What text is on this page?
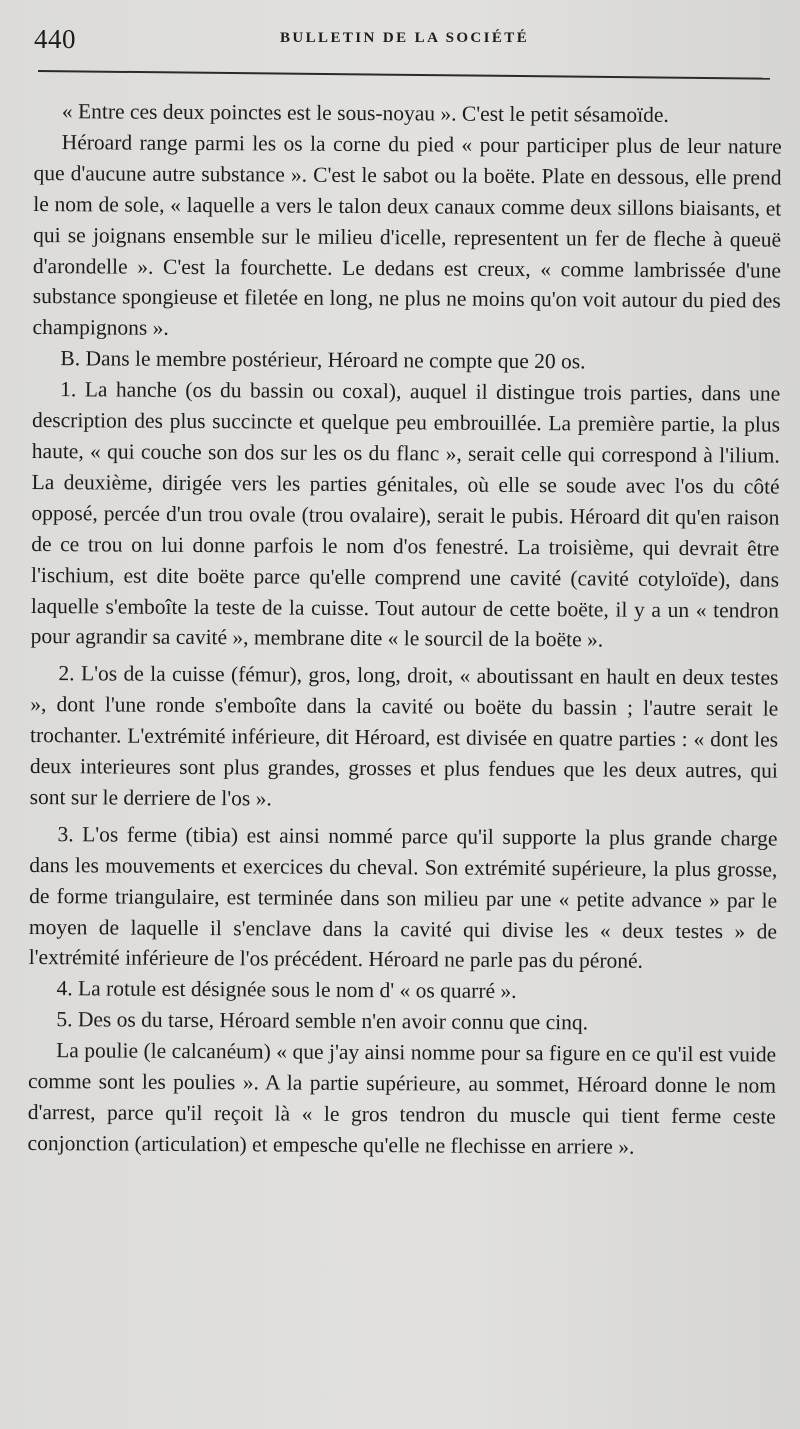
440	BULLETIN DE LA SOCIÉTÉ

« Entre ces deux poinctes est le sous-noyau ». C'est le petit sésamoïde.

Héroard range parmi les os la corne du pied « pour participer plus de leur nature que d'aucune autre substance ». C'est le sabot ou la boëte. Plate en dessous, elle prend le nom de sole, « laquelle a vers le talon deux canaux comme deux sillons biaisants, et qui se joignans ensemble sur le milieu d'icelle, representent un fer de fleche à queuë d'arondelle ». C'est la fourchette. Le dedans est creux, « comme lambrissée d'une substance spongieuse et filetée en long, ne plus ne moins qu'on voit autour du pied des champignons ».

B. Dans le membre postérieur, Héroard ne compte que 20 os.

1. La hanche (os du bassin ou coxal), auquel il distingue trois parties, dans une description des plus succincte et quelque peu embrouillée. La première partie, la plus haute, « qui couche son dos sur les os du flanc », serait celle qui correspond à l'ilium. La deuxième, dirigée vers les parties génitales, où elle se soude avec l'os du côté opposé, percée d'un trou ovale (trou ovalaire), serait le pubis. Héroard dit qu'en raison de ce trou on lui donne parfois le nom d'os fenestré. La troisième, qui devrait être l'ischium, est dite boëte parce qu'elle comprend une cavité (cavité cotyloïde), dans laquelle s'emboîte la teste de la cuisse. Tout autour de cette boëte, il y a un « tendron pour agrandir sa cavité », membrane dite « le sourcil de la boëte ».

2. L'os de la cuisse (fémur), gros, long, droit, « aboutissant en hault en deux testes », dont l'une ronde s'emboîte dans la cavité ou boëte du bassin ; l'autre serait le trochanter. L'extrémité inférieure, dit Héroard, est divisée en quatre parties : « dont les deux interieures sont plus grandes, grosses et plus fendues que les deux autres, qui sont sur le derriere de l'os ».

3. L'os ferme (tibia) est ainsi nommé parce qu'il supporte la plus grande charge dans les mouvements et exercices du cheval. Son extrémité supérieure, la plus grosse, de forme triangulaire, est terminée dans son milieu par une « petite advance » par le moyen de laquelle il s'enclave dans la cavité qui divise les « deux testes » de l'extrémité inférieure de l'os précédent. Héroard ne parle pas du péroné.

4. La rotule est désignée sous le nom d' « os quarré ».

5. Des os du tarse, Héroard semble n'en avoir connu que cinq.

La poulie (le calcanéum) « que j'ay ainsi nomme pour sa figure en ce qu'il est vuide comme sont les poulies ». A la partie supérieure, au sommet, Héroard donne le nom d'arrest, parce qu'il reçoit là « le gros tendron du muscle qui tient ferme ceste conjonction (articulation) et empesche qu'elle ne flechisse en arriere ».
